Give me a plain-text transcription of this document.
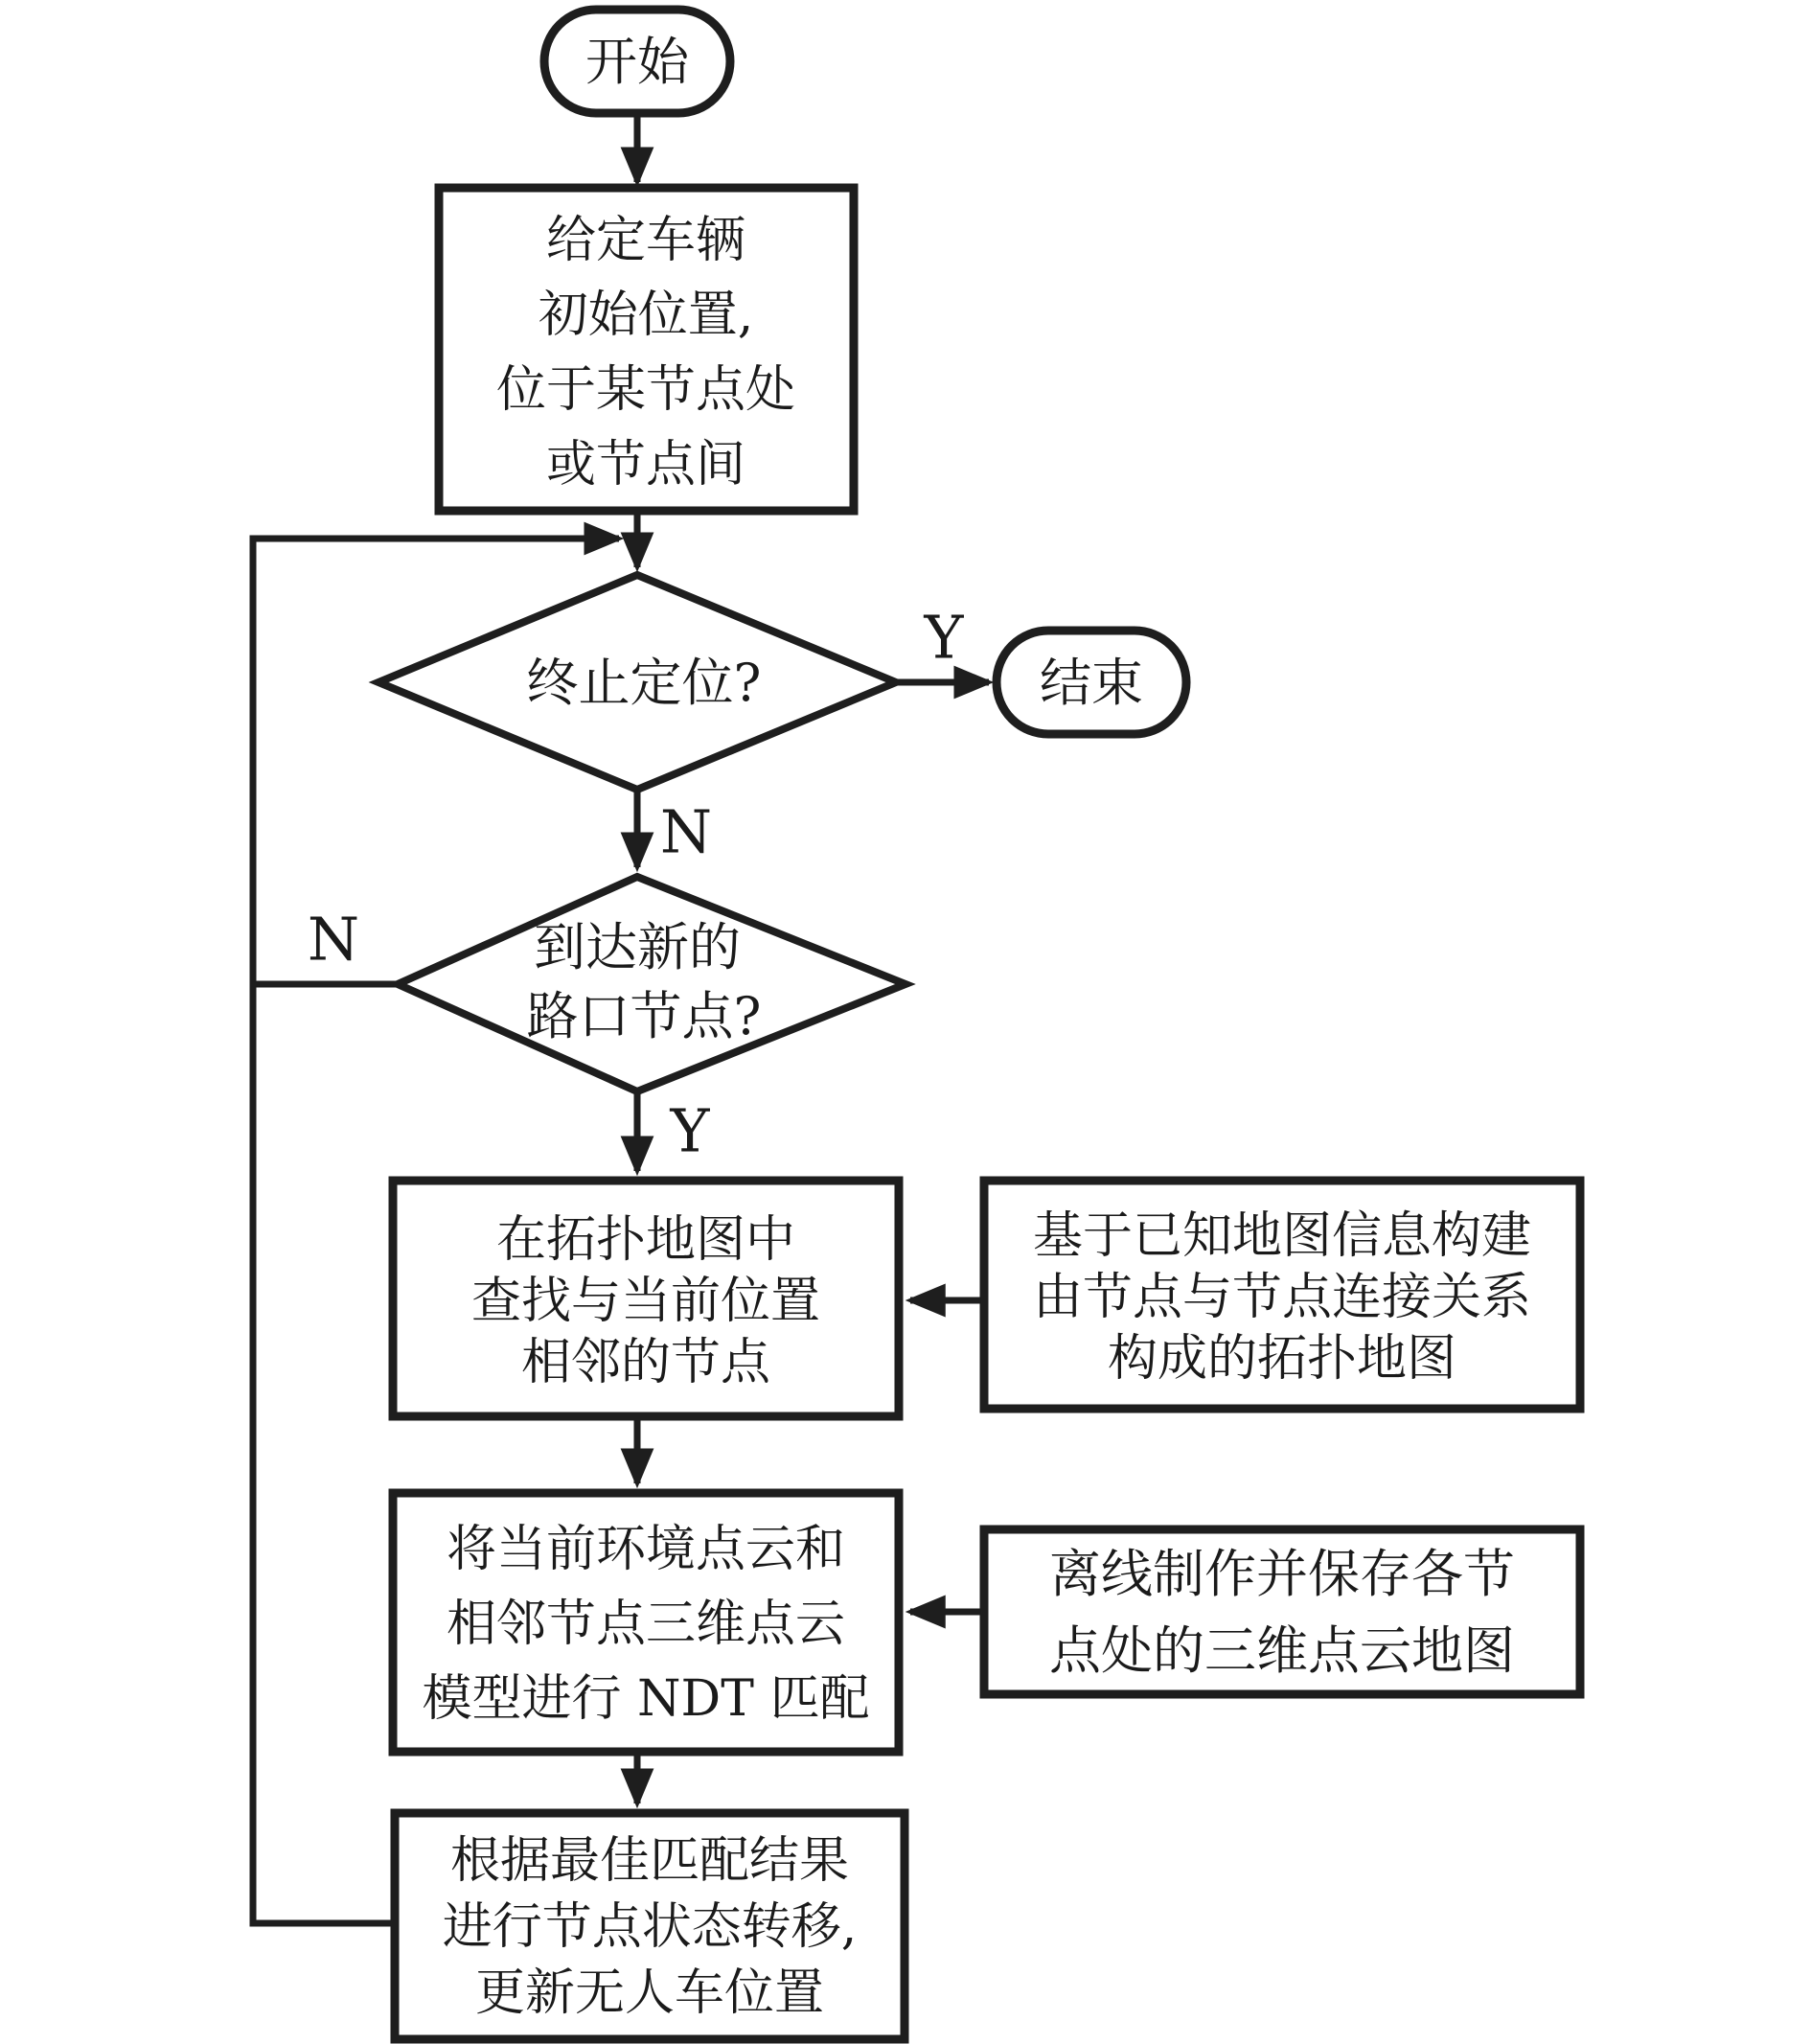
开始
给定车辆
初始位置,
位于某节点处
或节点间
终止定位?
Y
结束
N
到达新的
路口节点?
N
Y
在拓扑地图中
查找与当前位置
相邻的节点
基于已知地图信息构建
由节点与节点连接关系
构成的拓扑地图
将当前环境点云和
相邻节点三维点云
模型进行 NDT 匹配
离线制作并保存各节
点处的三维点云地图
根据最佳匹配结果
进行节点状态转移,
更新无人车位置
